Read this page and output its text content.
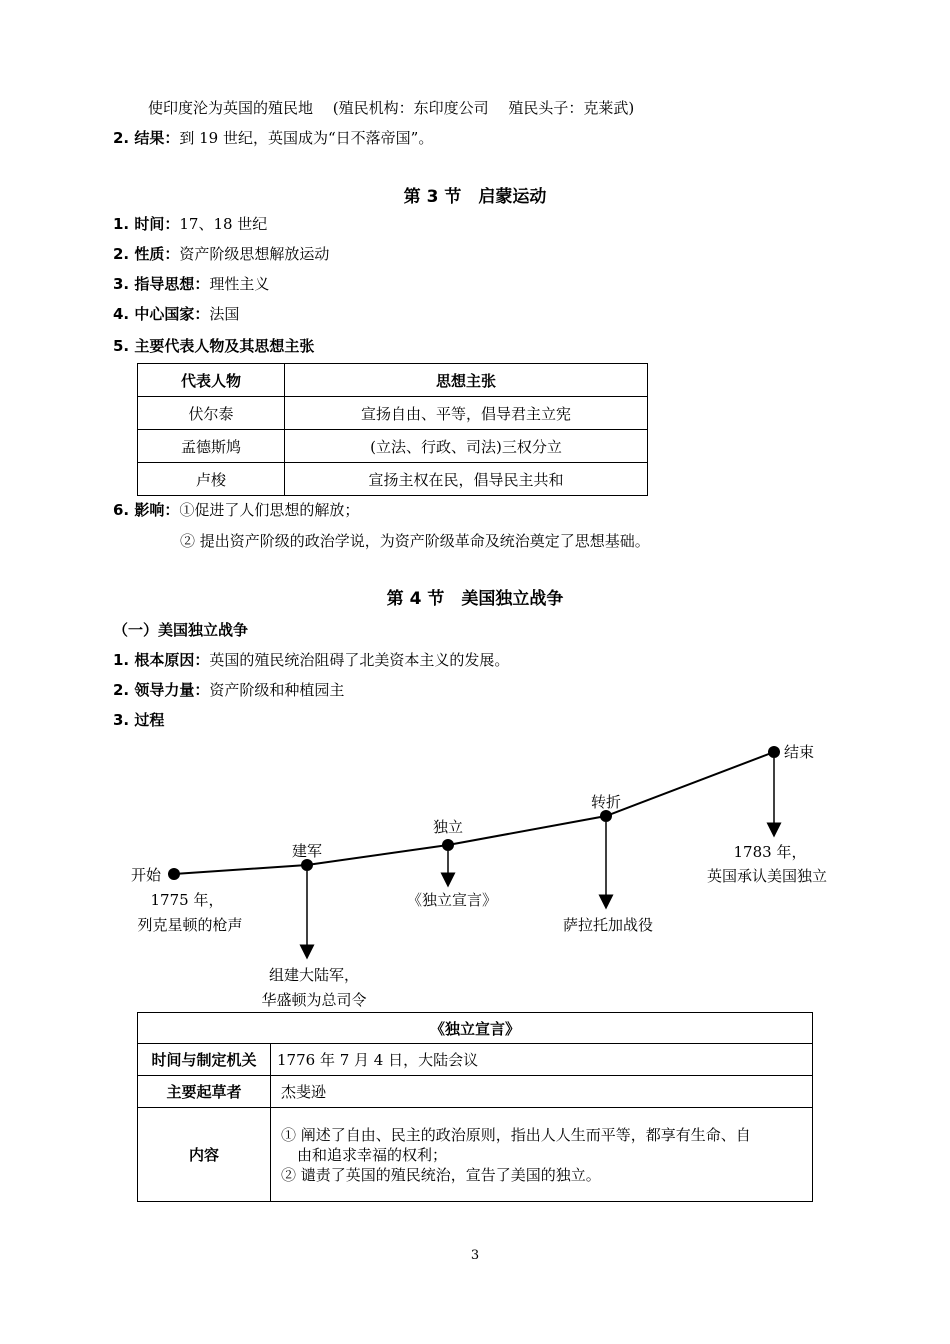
使印度沦为英国的殖民地　 (殖民机构：东印度公司　 殖民头子：克莱武)
2. 结果：到 19 世纪，英国成为“日不落帝国”。
第 3 节　启蒙运动
1. 时间：17、18 世纪
2. 性质：资产阶级思想解放运动
3. 指导思想：理性主义
4. 中心国家：法国
5. 主要代表人物及其思想主张
代表人物	思想主张
伏尔泰	宣扬自由、平等，倡导君主立宪
孟德斯鸠	(立法、行政、司法)三权分立
卢梭	宣扬主权在民，倡导民主共和
6. 影响：①促进了人们思想的解放；
② 提出资产阶级的政治学说，为资产阶级革命及统治奠定了思想基础。
第 4 节　美国独立战争
（一）美国独立战争
1. 根本原因：英国的殖民统治阻碍了北美资本主义的发展。
2. 领导力量：资产阶级和种植园主
3. 过程
开始
1775 年，
列克星顿的枪声
建军
组建大陆军，
华盛顿为总司令
独立
《独立宣言》
转折
萨拉托加战役
结束
1783 年，
英国承认美国独立
《独立宣言》	
时间与制定机关	1776 年 7 月 4 日，大陆会议
主要起草者	杰斐逊
内容	① 阐述了自由、民主的政治原则，指出人人生而平等，都享有生命、自
由和追求幸福的权利；
② 谴责了英国的殖民统治，宣告了美国的独立。
3
